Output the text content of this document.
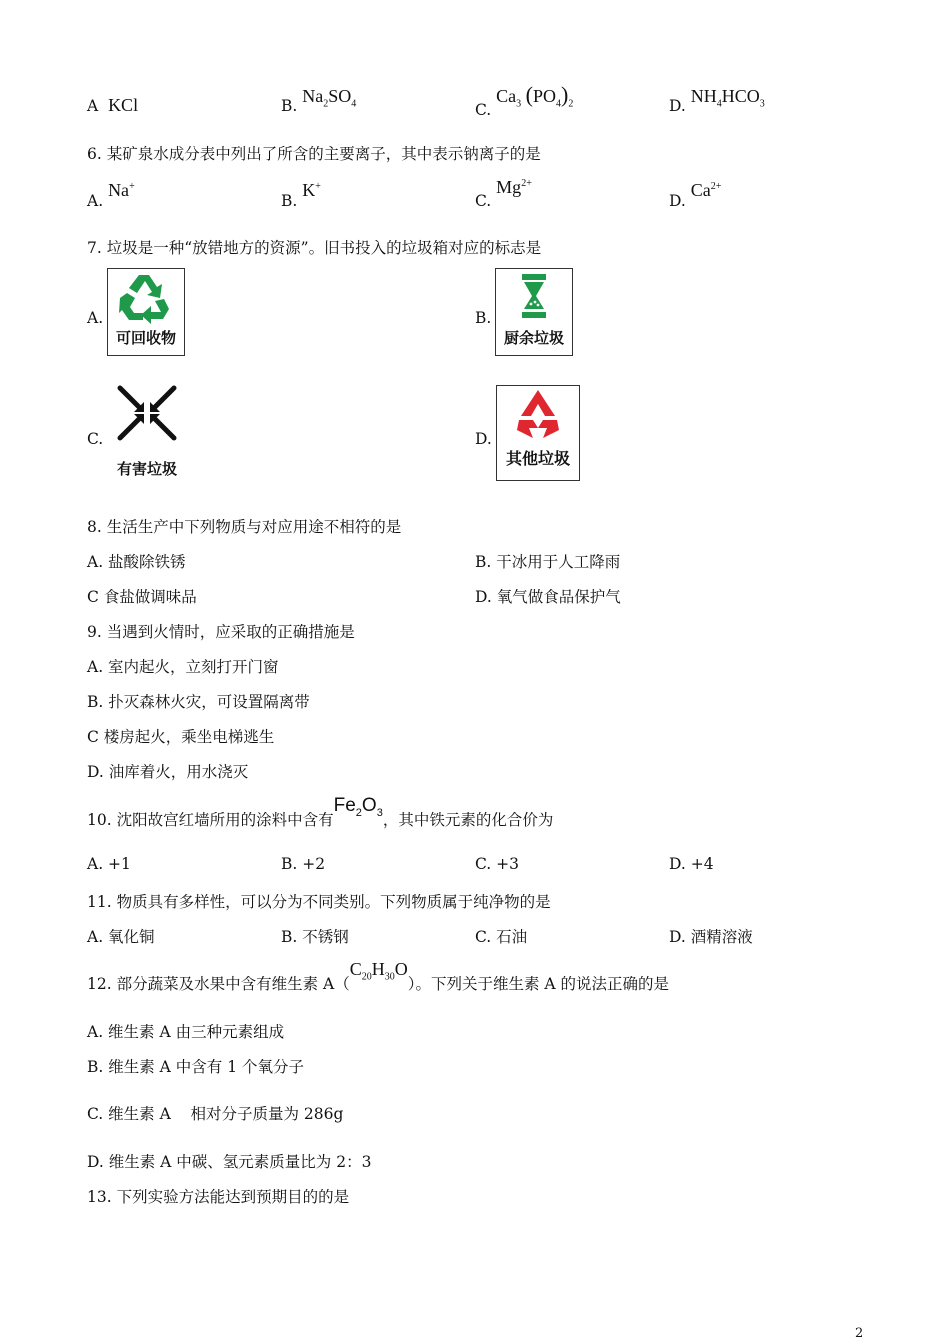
A KCl	B. $Na_2SO_4$	C. $Ca_3$ $(PO_4)_2$	D. $NH_4HCO_3$
6. 某矿泉水成分表中列出了所含的主要离子，其中表示钠离子的是
A. Na+
B. K+
C. $Mg^{2+}$
D. $Ca^{2+}$
7. 垃圾是一种“放错地方的资源”。旧书投入的垃圾箱对应的标志是
A.
可回收物
B.
厨余垃圾
C.
有害垃圾
D.
其他垃圾
8. 生活生产中下列物质与对应用途不相符的是
A. 盐酸除铁锈	B. 干冰用于人工降雨
C 食盐做调味品	D. 氧气做食品保护气
9. 当遇到火情时，应采取的正确措施是
A. 室内起火，立刻打开门窗
B. 扑灭森林火灾，可设置隔离带
C 楼房起火，乘坐电梯逃生
D. 油库着火，用水浇灭
10. 沈阳故宫红墙所用的涂料中含有$Fe_2O_3$，其中铁元素的化合价为
A. +1	B. +2	C. +3	D. +4
11. 物质具有多样性，可以分为不同类别。下列物质属于纯净物的是
A. 氧化铜	B. 不锈钢	C. 石油	D. 酒精溶液
12. 部分蔬菜及水果中含有维生素 $A(C_{20}H_{30}O)$。下列关于维生素 A 的说法正确的是
A. 维生素 A 由三种元素组成
B. 维生素 A 中含有 1 个氧分子
C. 维生素 A    相对分子质量为 286g
D. 维生素 A 中碳、氢元素质量比为 2：3
13. 下列实验方法能达到预期目的的是
2
